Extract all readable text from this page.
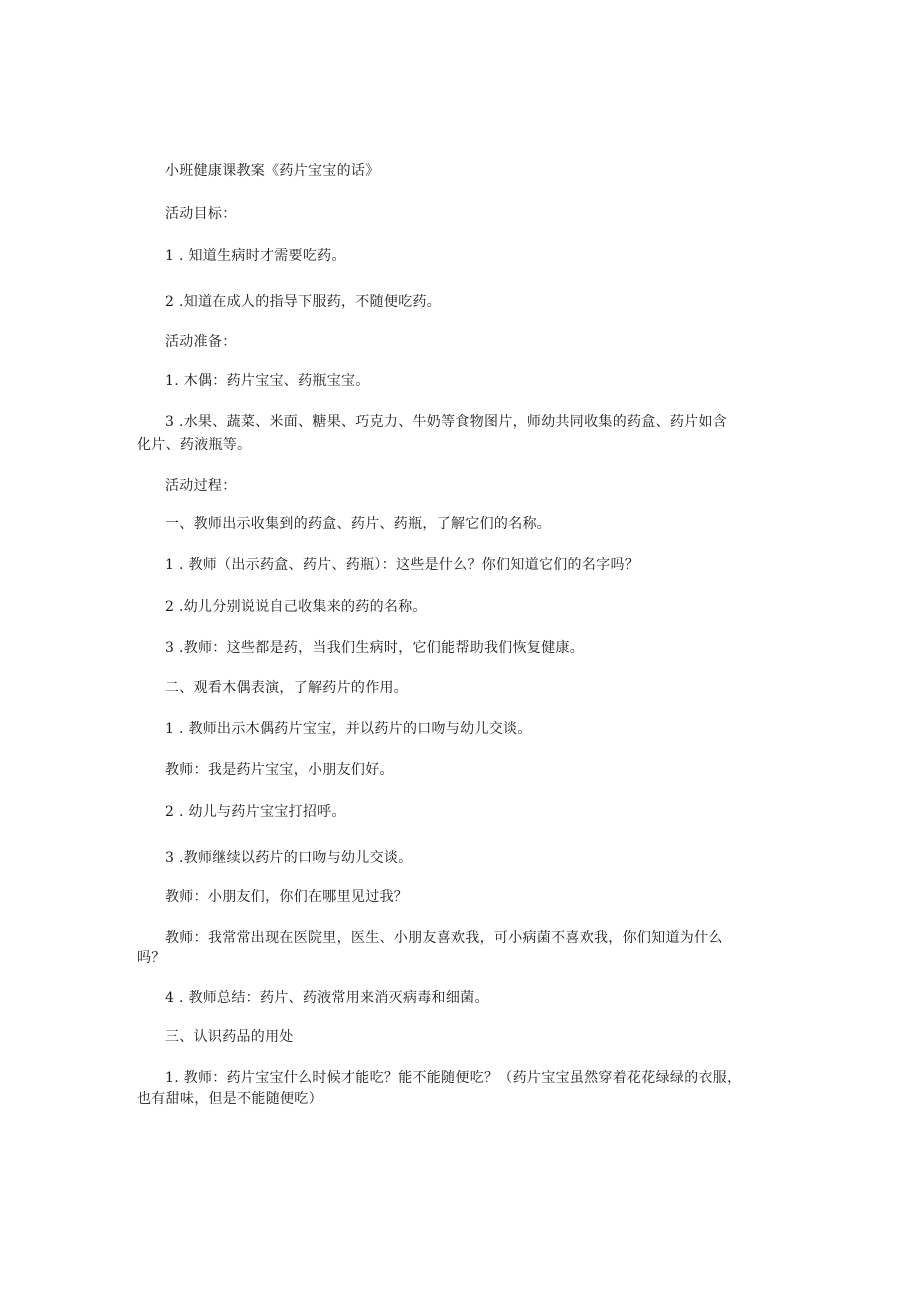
小班健康课教案《药片宝宝的话》
活动目标：
1 . 知道生病时才需要吃药。
2 .知道在成人的指导下服药，不随便吃药。
活动准备：
1. 木偶：药片宝宝、药瓶宝宝。
3 .水果、蔬菜、米面、糖果、巧克力、牛奶等食物图片，师幼共同收集的药盒、药片如含
化片、药液瓶等。
活动过程：
一、教师出示收集到的药盒、药片、药瓶，了解它们的名称。
1 . 教师（出示药盒、药片、药瓶）：这些是什么？你们知道它们的名字吗？
2 .幼儿分别说说自己收集来的药的名称。
3 .教师：这些都是药，当我们生病时，它们能帮助我们恢复健康。
二、观看木偶表演，了解药片的作用。
1 . 教师出示木偶药片宝宝，并以药片的口吻与幼儿交谈。
教师：我是药片宝宝，小朋友们好。
2 . 幼儿与药片宝宝打招呼。
3 .教师继续以药片的口吻与幼儿交谈。
教师：小朋友们，你们在哪里见过我？
教师：我常常出现在医院里，医生、小朋友喜欢我，可小病菌不喜欢我，你们知道为什么
吗？
4 . 教师总结：药片、药液常用来消灭病毒和细菌。
三、认识药品的用处
1. 教师：药片宝宝什么时候才能吃？能不能随便吃？（药片宝宝虽然穿着花花绿绿的衣服，
也有甜味，但是不能随便吃）
